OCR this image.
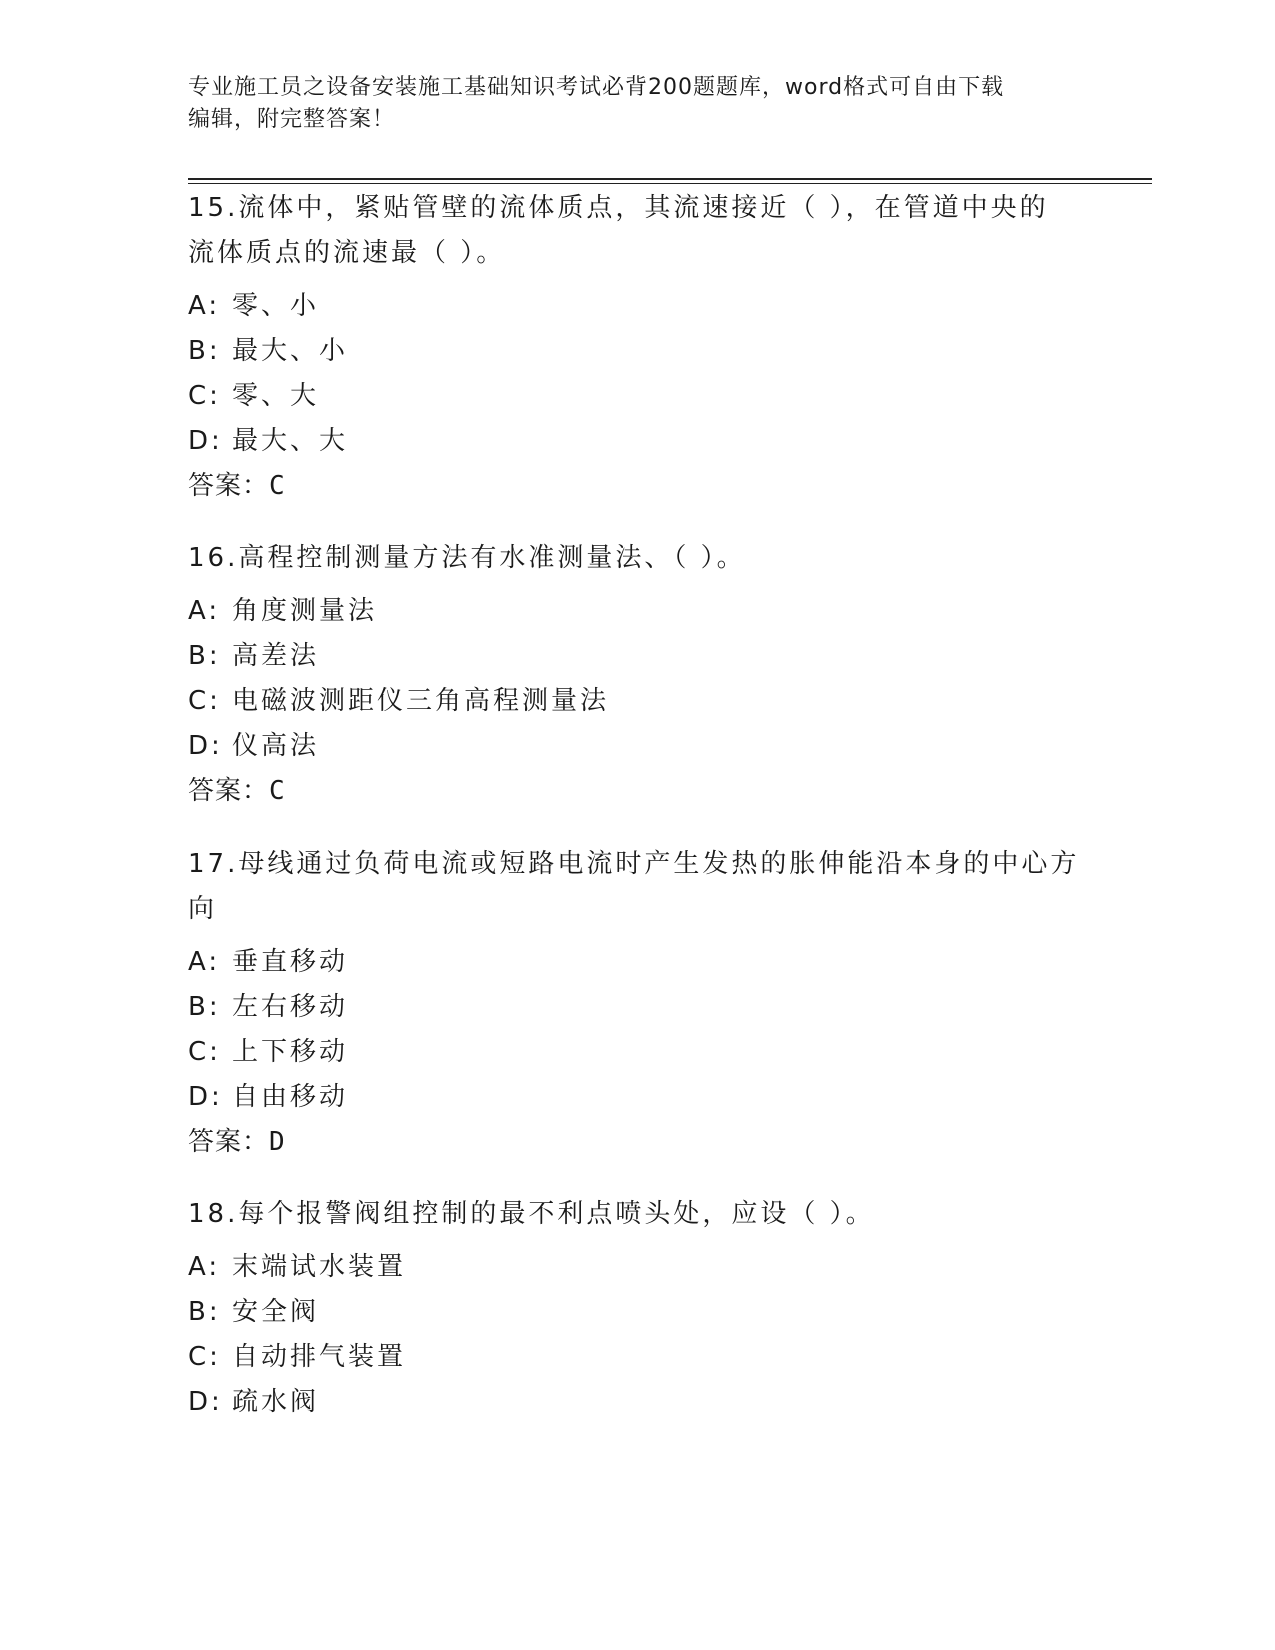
专业施工员之设备安装施工基础知识考试必背200题题库，word格式可自由下载
编辑，附完整答案！
15.流体中，紧贴管壁的流体质点，其流速接近（ ），在管道中央的
流体质点的流速最（ ）。
A: 零、小
B: 最大、小
C: 零、大
D: 最大、大
答案：C
16.高程控制测量方法有水准测量法、（ ）。
A: 角度测量法
B: 高差法
C: 电磁波测距仪三角高程测量法
D: 仪高法
答案：C
17.母线通过负荷电流或短路电流时产生发热的胀伸能沿本身的中心方
向
A: 垂直移动
B: 左右移动
C: 上下移动
D: 自由移动
答案：D
18.每个报警阀组控制的最不利点喷头处，应设（ ）。
A: 末端试水装置
B: 安全阀
C: 自动排气装置
D: 疏水阀
